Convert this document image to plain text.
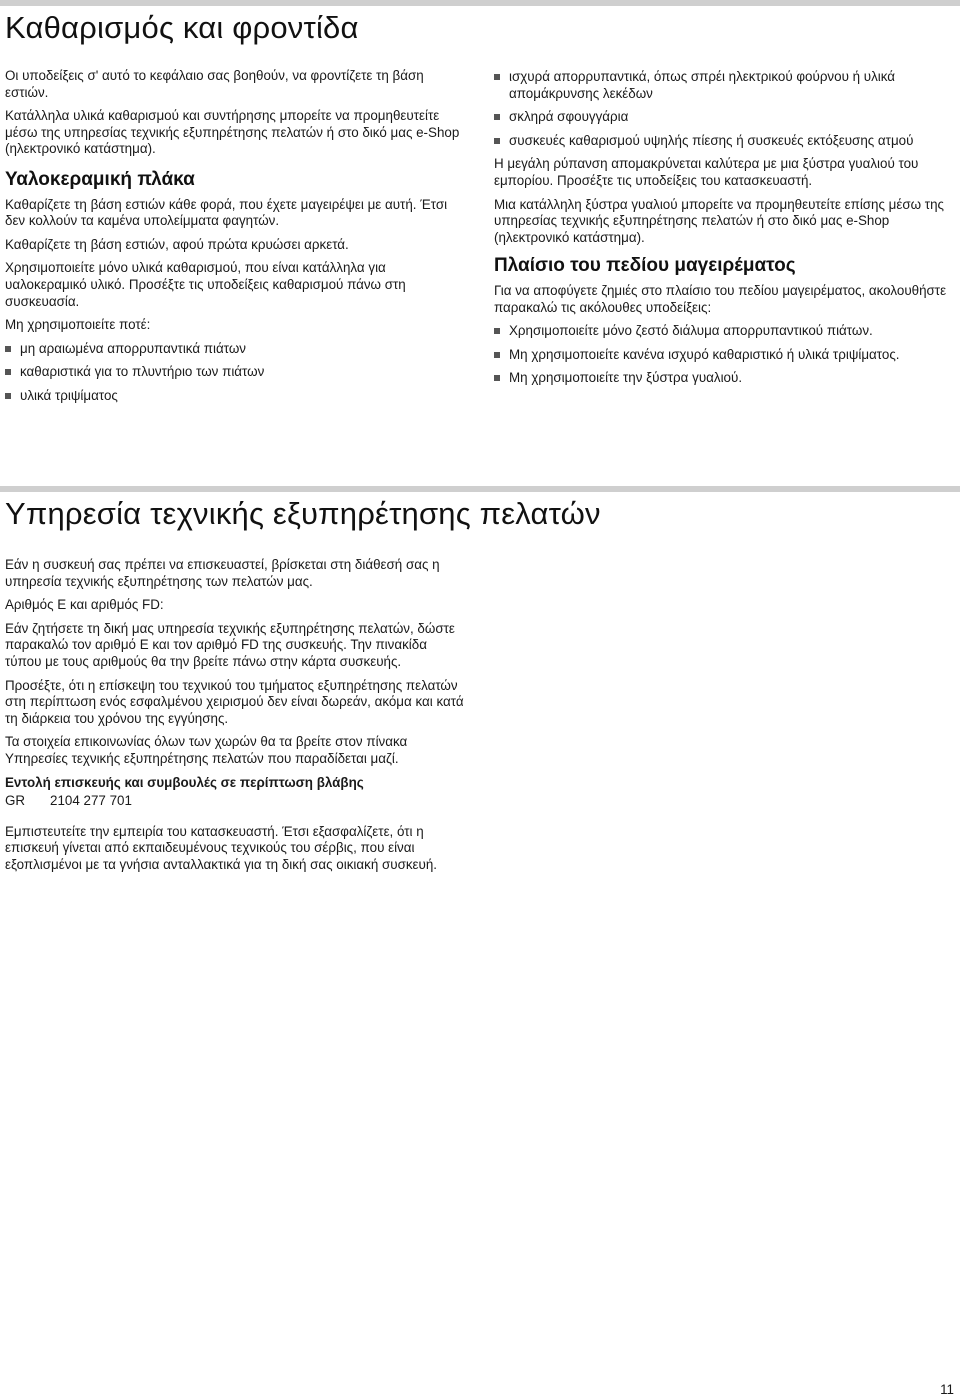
Καθαρισμός και φροντίδα

Οι υποδείξεις σ' αυτό το κεφάλαιο σας βοηθούν, να φροντίζετε τη βάση εστιών.

Κατάλληλα υλικά καθαρισμού και συντήρησης μπορείτε να προμηθευτείτε μέσω της υπηρεσίας τεχνικής εξυπηρέτησης πελατών ή στο δικό μας e-Shop (ηλεκτρονικό κατάστημα).

Υαλοκεραμική πλάκα

Καθαρίζετε τη βάση εστιών κάθε φορά, που έχετε μαγειρέψει με αυτή. Έτσι δεν κολλούν τα καμένα υπολείμματα φαγητών.

Καθαρίζετε τη βάση εστιών, αφού πρώτα κρυώσει αρκετά.

Χρησιμοποιείτε μόνο υλικά καθαρισμού, που είναι κατάλληλα για υαλοκεραμικό υλικό. Προσέξτε τις υποδείξεις καθαρισμού πάνω στη συσκευασία.

Μη χρησιμοποιείτε ποτέ:

μη αραιωμένα απορρυπαντικά πιάτων
καθαριστικά για το πλυντήριο των πιάτων
υλικά τριψίματος
ισχυρά απορρυπαντικά, όπως σπρέι ηλεκτρικού φούρνου ή υλικά απομάκρυνσης λεκέδων
σκληρά σφουγγάρια
συσκευές καθαρισμού υψηλής πίεσης ή συσκευές εκτόξευσης ατμού

Η μεγάλη ρύπανση απομακρύνεται καλύτερα με μια ξύστρα γυαλιού του εμπορίου. Προσέξτε τις υποδείξεις του κατασκευαστή.

Μια κατάλληλη ξύστρα γυαλιού μπορείτε να προμηθευτείτε επίσης μέσω της υπηρεσίας τεχνικής εξυπηρέτησης πελατών ή στο δικό μας e-Shop (ηλεκτρονικό κατάστημα).

Πλαίσιο του πεδίου μαγειρέματος

Για να αποφύγετε ζημιές στο πλαίσιο του πεδίου μαγειρέματος, ακολουθήστε παρακαλώ τις ακόλουθες υποδείξεις:

Χρησιμοποιείτε μόνο ζεστό διάλυμα απορρυπαντικού πιάτων.
Μη χρησιμοποιείτε κανένα ισχυρό καθαριστικό ή υλικά τριψίματος.
Μη χρησιμοποιείτε την ξύστρα γυαλιού.
Υπηρεσία τεχνικής εξυπηρέτησης πελατών

Εάν η συσκευή σας πρέπει να επισκευαστεί, βρίσκεται στη διάθεσή σας η υπηρεσία τεχνικής εξυπηρέτησης των πελατών μας.

Αριθμός E και αριθμός FD:

Εάν ζητήσετε τη δική μας υπηρεσία τεχνικής εξυπηρέτησης πελατών, δώστε παρακαλώ τον αριθμό E και τον αριθμό FD της συσκευής. Την πινακίδα τύπου με τους αριθμούς θα την βρείτε πάνω στην κάρτα συσκευής.

Προσέξτε, ότι η επίσκεψη του τεχνικού του τμήματος εξυπηρέτησης πελατών στη περίπτωση ενός εσφαλμένου χειρισμού δεν είναι δωρεάν, ακόμα και κατά τη διάρκεια του χρόνου της εγγύησης.

Τα στοιχεία επικοινωνίας όλων των χωρών θα τα βρείτε στον πίνακα Υπηρεσίες τεχνικής εξυπηρέτησης πελατών που παραδίδεται μαζί.

Εντολή επισκευής και συμβουλές σε περίπτωση βλάβης

GR	2104 277 701

Εμπιστευτείτε την εμπειρία του κατασκευαστή. Έτσι εξασφαλίζετε, ότι η επισκευή γίνεται από εκπαιδευμένους τεχνικούς του σέρβις, που είναι εξοπλισμένοι με τα γνήσια ανταλλακτικά για τη δική σας οικιακή συσκευή.

11
